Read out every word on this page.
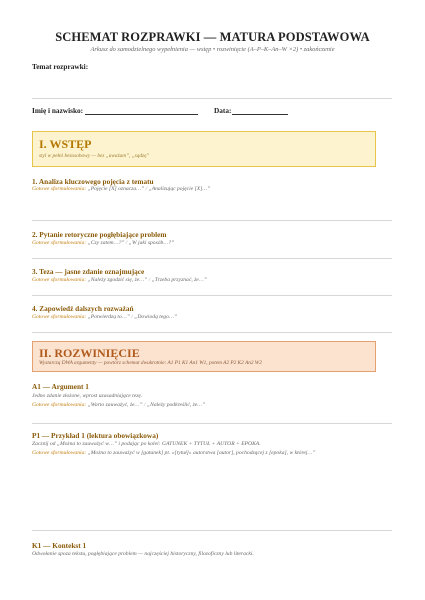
SCHEMAT ROZPRAWKI — MATURA PODSTAWOWA
Arkusz do samodzielnego wypełnienia — wstęp • rozwinięcie (A–P–K–An–W ×2) • zakończenie
Temat rozprawki:
Imię i nazwisko:	Data:
I. WSTĘP
styl w pełni bezosobowy — bez „uważam”, „sądzę”
1. Analiza kluczowego pojęcia z tematu
Gotowe sformułowania: „Pojęcie [X] oznacza…” / „Analizując pojęcie [X]…”
2. Pytanie retoryczne pogłębiające problem
Gotowe sformułowania: „Czy zatem…?” / „W jaki sposób…?”
3. Teza — jasne zdanie oznajmujące
Gotowe sformułowania: „Należy zgodzić się, że…” / „Trzeba przyznać, że…”
4. Zapowiedź dalszych rozważań
Gotowe sformułowania: „Potwierdzą to…” / „Dowiodą tego…”
II. ROZWINIĘCIE
Wystarczą DWA argumenty — powtórz schemat dwukrotnie: A1 P1 K1 An1 W1, potem A2 P2 K2 An2 W2
A1 — Argument 1
Jedno zdanie złożone, wprost uzasadniające tezę.
Gotowe sformułowania: „Warto zauważyć, że…” / „Należy podkreślić, że…”
P1 — Przykład 1 (lektura obowiązkowa)
Zacznij od „Można to zauważyć w…” i podając po kolei: GATUNEK + TYTUŁ + AUTOR + EPOKA.
Gotowe sformułowania: „Można to zauważyć w [gatunek] pt. «[tytuł]» autorstwa [autor], pochodzącej z [epoka], w której…”
K1 — Kontekst 1
Odwołanie spoza tekstu, pogłębiające problem — najczęściej historyczny, filozoficzny lub literacki.
